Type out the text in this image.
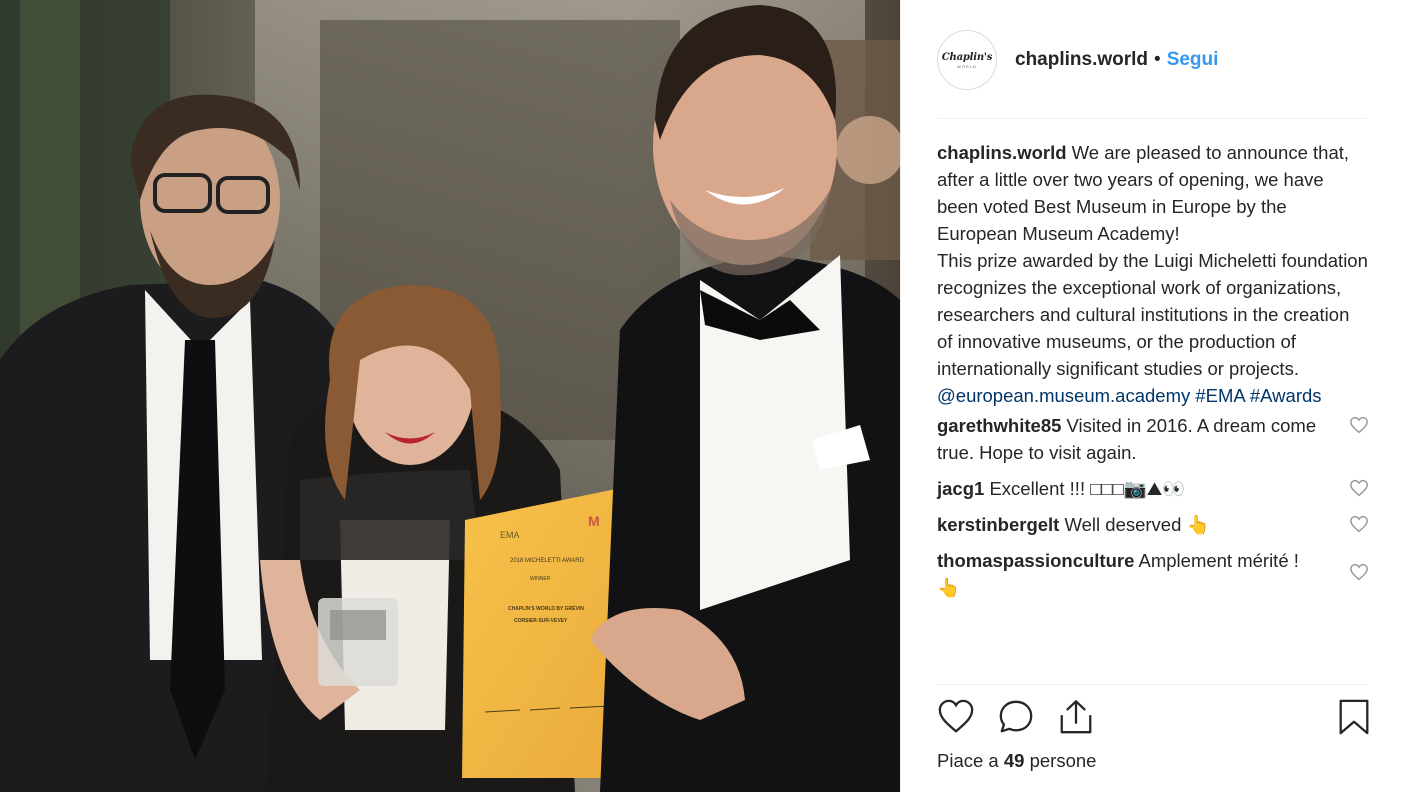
EMA
M
2018 MICHELETTI AWARD
WINNER
CHAPLIN'S WORLD BY GRÉVIN
CORSIER-SUR-VEVEY
Chaplin's
WORLD chaplins.world • Segui
chaplins.world We are pleased to announce that, after a little over two years of opening, we have been voted Best Museum in Europe by the European Museum Academy!
This prize awarded by the Luigi Micheletti foundation recognizes the exceptional work of organizations, researchers and cultural institutions in the creation of innovative museums, or the production of internationally significant studies or projects.
@european.museum.academy #EMA #Awards
garethwhite85 Visited in 2016. A dream come true. Hope to visit again.
jacg1 Excellent !!! □□□📷⛰👀
kerstinbergelt Well deserved 👆
thomaspassionculture Amplement mérité ! 👆
Piace a 49 persone
